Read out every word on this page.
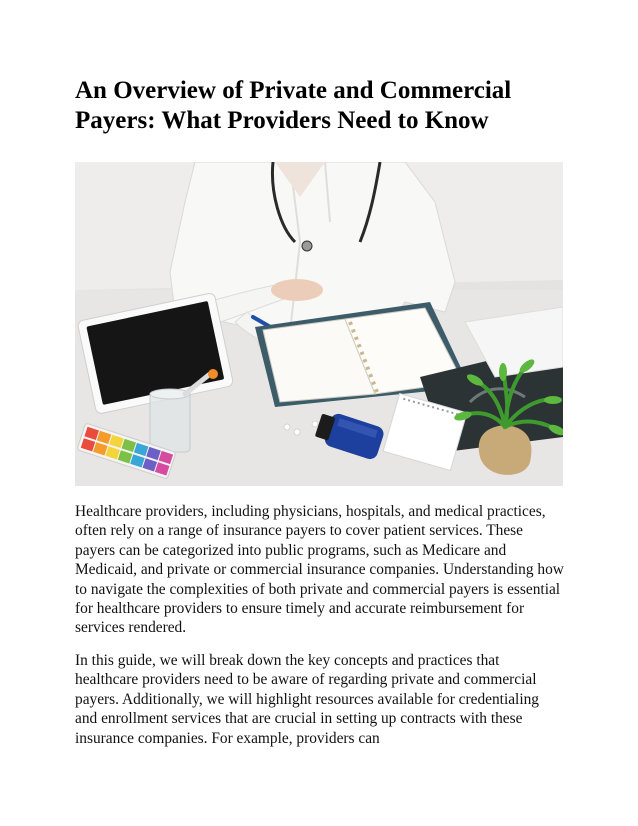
An Overview of Private and Commercial Payers: What Providers Need to Know

Healthcare providers, including physicians, hospitals, and medical practices, often rely on a range of insurance payers to cover patient services. These payers can be categorized into public programs, such as Medicare and Medicaid, and private or commercial insurance companies. Understanding how to navigate the complexities of both private and commercial payers is essential for healthcare providers to ensure timely and accurate reimbursement for services rendered.

In this guide, we will break down the key concepts and practices that healthcare providers need to be aware of regarding private and commercial payers. Additionally, we will highlight resources available for credentialing and enrollment services that are crucial in setting up contracts with these insurance companies. For example, providers can
